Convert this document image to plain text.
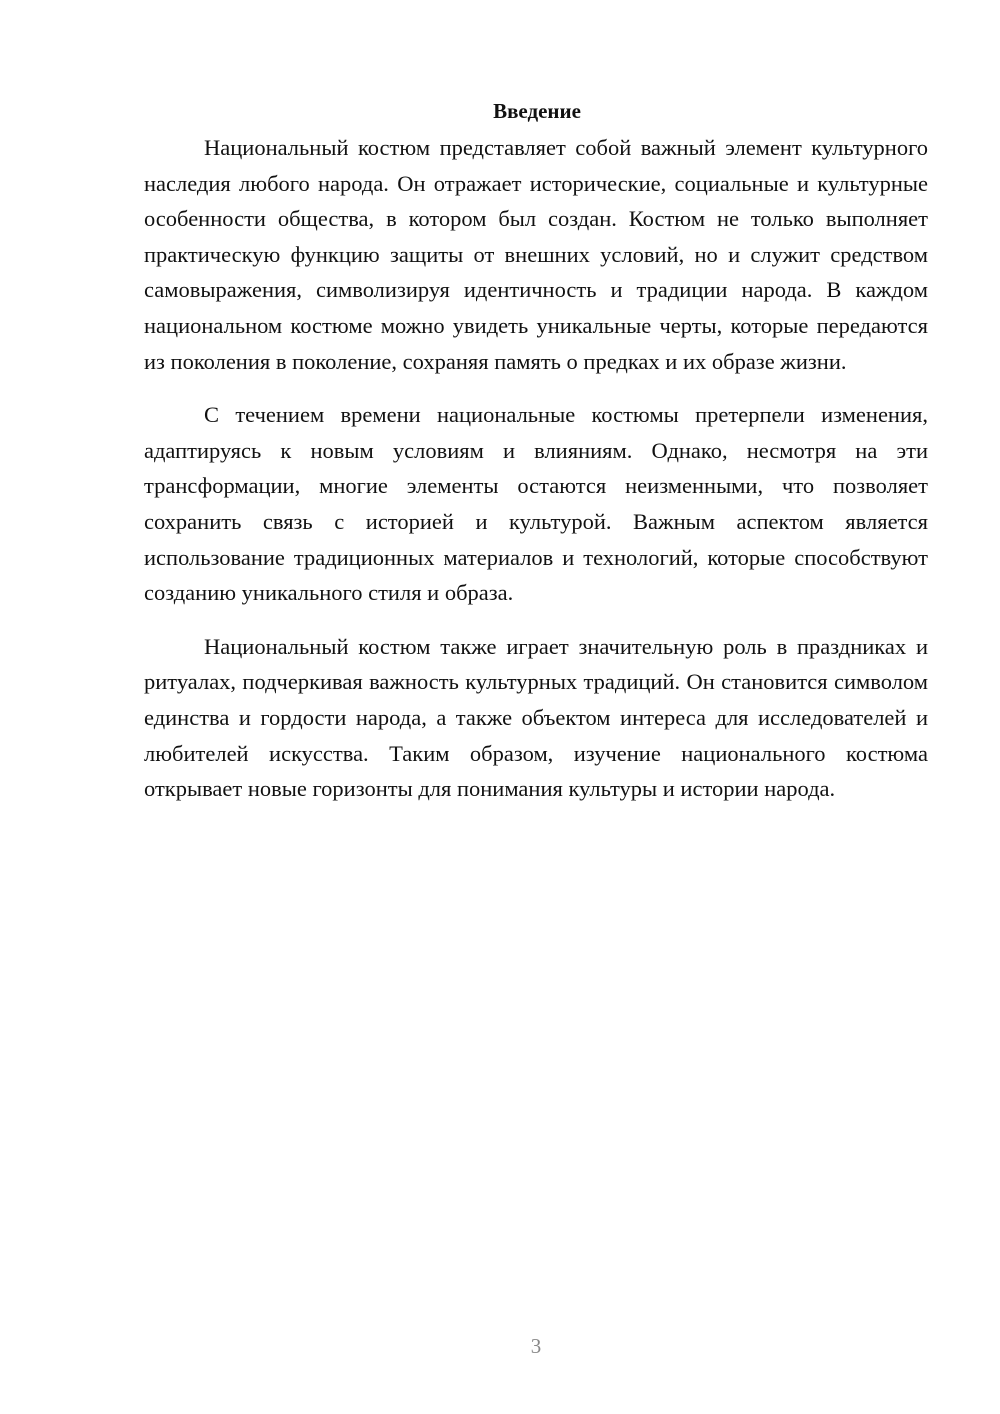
Введение

Национальный костюм представляет собой важный элемент культурного наследия любого народа. Он отражает исторические, социальные и культурные особенности общества, в котором был создан. Костюм не только выполняет практическую функцию защиты от внешних условий, но и служит средством самовыражения, символизируя идентичность и традиции народа. В каждом национальном костюме можно увидеть уникальные черты, которые передаются из поколения в поколение, сохраняя память о предках и их образе жизни.

С течением времени национальные костюмы претерпели изменения, адаптируясь к новым условиям и влияниям. Однако, несмотря на эти трансформации, многие элементы остаются неизменными, что позволяет сохранить связь с историей и культурой. Важным аспектом является использование традиционных материалов и технологий, которые способствуют созданию уникального стиля и образа.

Национальный костюм также играет значительную роль в праздниках и ритуалах, подчеркивая важность культурных традиций. Он становится символом единства и гордости народа, а также объектом интереса для исследователей и любителей искусства. Таким образом, изучение национального костюма открывает новые горизонты для понимания культуры и истории народа.

3
